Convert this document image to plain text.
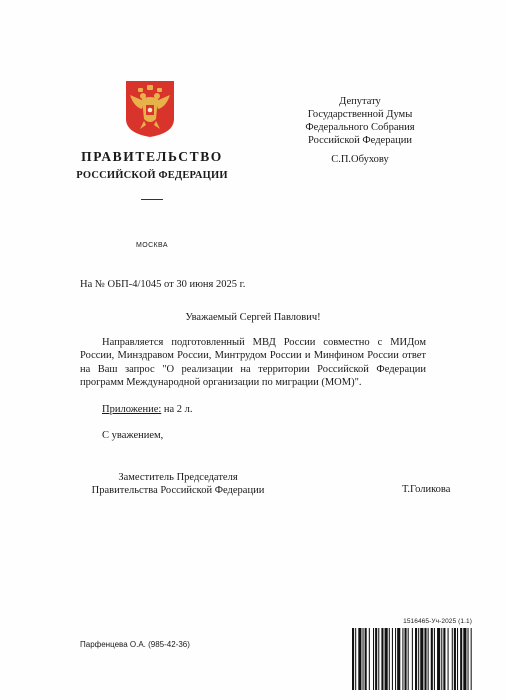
ПРАВИТЕЛЬСТВО
РОССИЙСКОЙ ФЕДЕРАЦИИ
МОСКВА
Депутату
Государственной Думы
Федерального Собрания
Российской Федерации
С.П.Обухову
На № ОБП-4/1045 от 30 июня 2025 г.
Уважаемый Сергей Павлович!
Направляется подготовленный МВД России совместно с МИДом России, Минздравом России, Минтрудом России и Минфином России ответ на Ваш запрос "О реализации на территории Российской Федерации программ Международной организации по миграции (МОМ)".
Приложение: на 2 л.
С уважением,
Заместитель Председателя
Правительства Российской Федерации	Т.Голикова
Парфенцева О.А. (985-42-36)
1516465-Уч-2025 (1.1)
